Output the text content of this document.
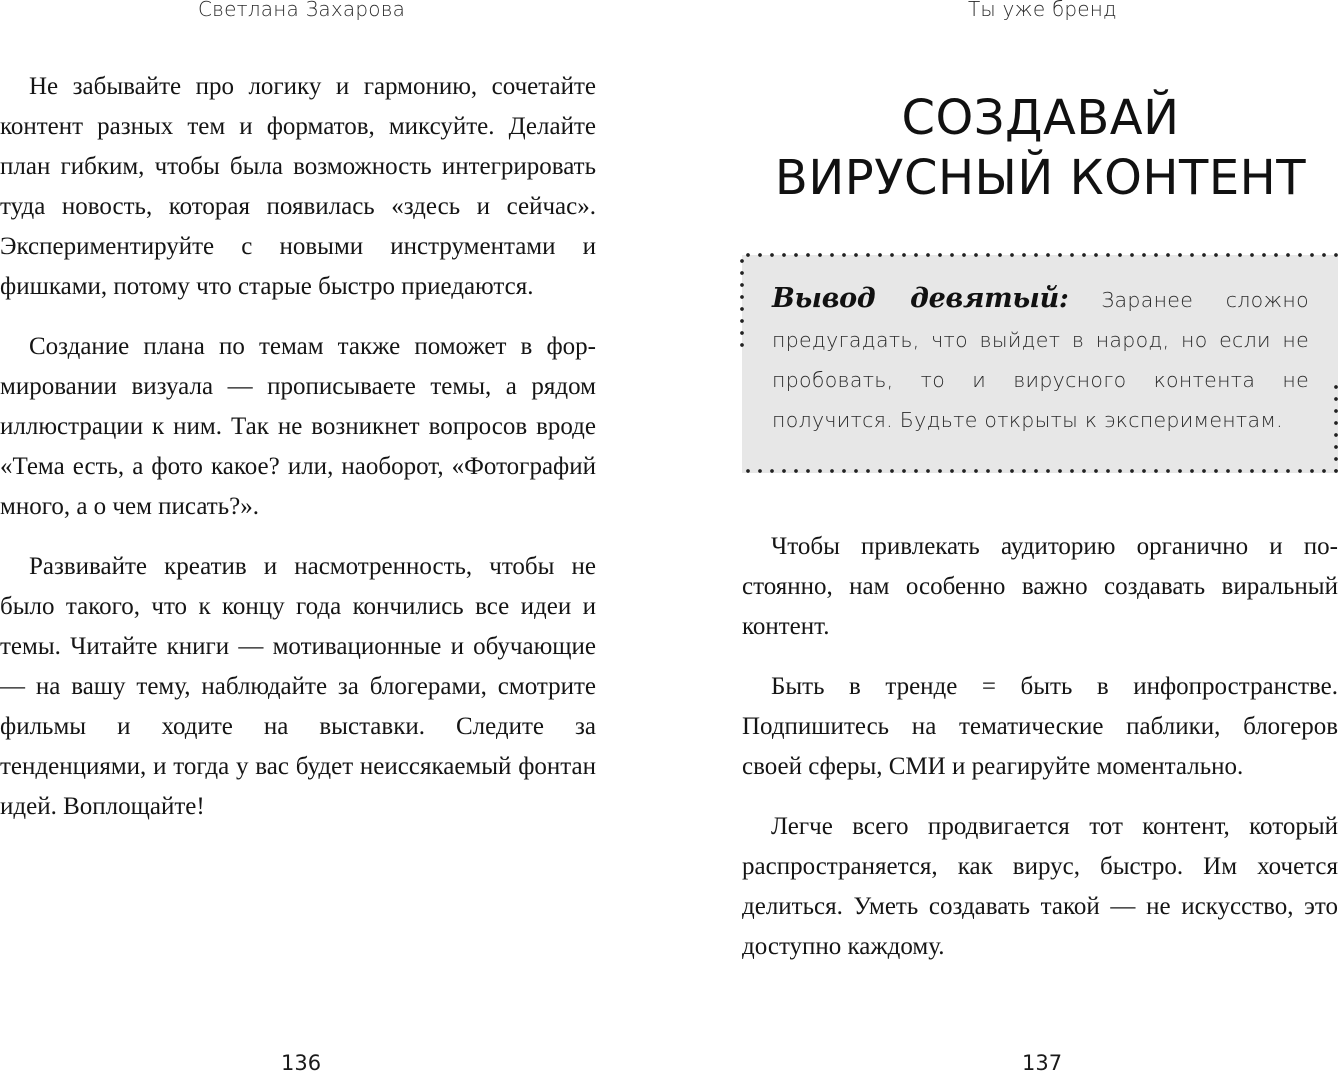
Светлана Захарова

Не забывайте про логику и гармонию, сочетайте контент разных тем и форматов, миксуйте. Делайте план гибким, чтобы была возможность интегрировать туда новость, которая появилась «здесь и сейчас». Экспериментируйте с новыми инструментами и фишками, потому что старые быстро приедаются.

Создание плана по темам также поможет в формировании визуала — прописываете темы, а рядом иллюстрации к ним. Так не возникнет вопросов вроде «Тема есть, а фото какое? или, наоборот, «Фотографий много, а о чем писать?».

Развивайте креатив и насмотренность, чтобы не было такого, что к концу года кончились все идеи и темы. Читайте книги — мотивационные и обучающие — на вашу тему, наблюдайте за блогерами, смотрите фильмы и ходите на выставки. Следите за тенденциями, и тогда у вас будет неиссякаемый фонтан идей. Воплощайте!

136
Ты уже бренд
СОЗДАВАЙ
ВИРУСНЫЙ КОНТЕНТ
Вывод девятый: Заранее сложно предугадать, что выйдет в народ, но если не пробовать, то и вирусного контента не получится. Будьте открыты к экспериментам.

Чтобы привлекать аудиторию органично и постоянно, нам особенно важно создавать виральный контент.

Быть в тренде = быть в инфопространстве. Подпишитесь на тематические паблики, блогеров своей сферы, СМИ и реагируйте моментально.

Легче всего продвигается тот контент, который распространяется, как вирус, быстро. Им хочется делиться. Уметь создавать такой — не искусство, это доступно каждому.

137
